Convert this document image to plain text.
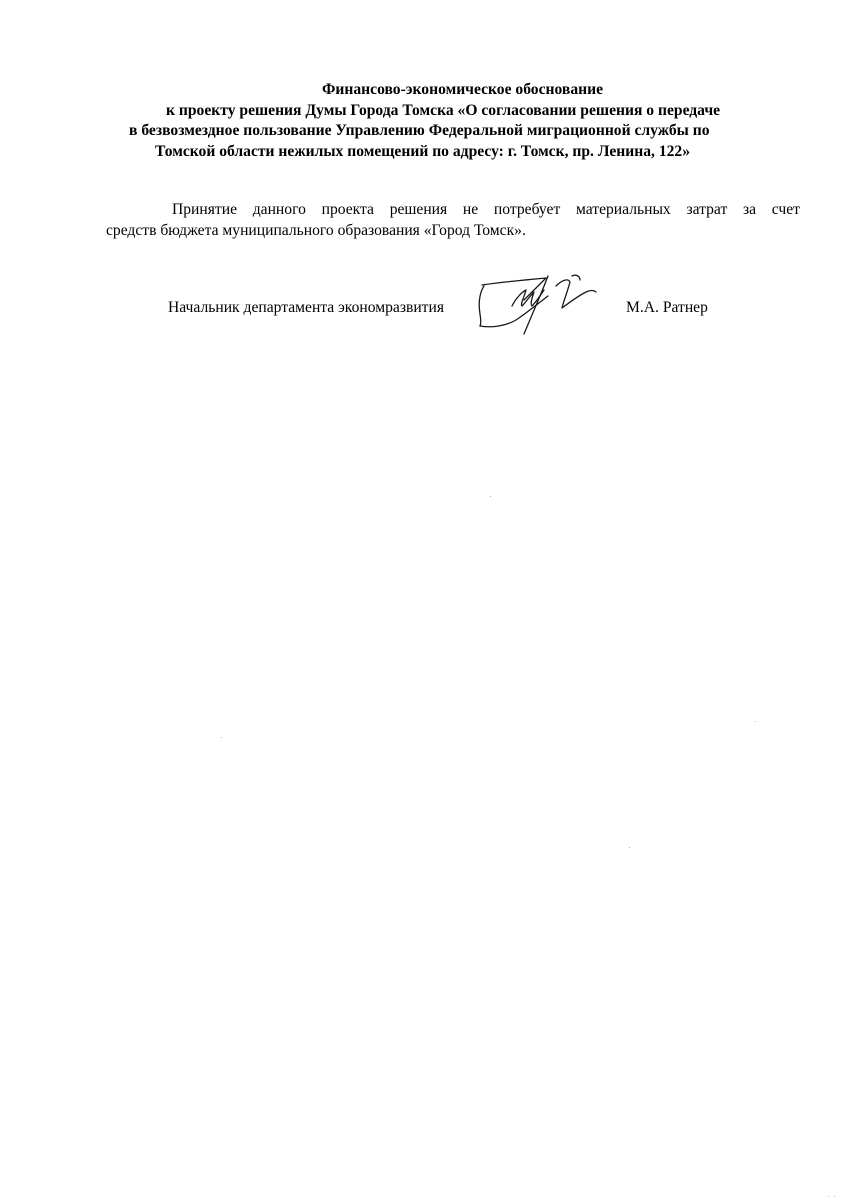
Финансово-экономическое обоснование
к проекту решения Думы Города Томска «О согласовании решения о передаче
в безвозмездное пользование Управлению Федеральной миграционной службы по
Томской области нежилых помещений по адресу: г. Томск, пр. Ленина, 122»
Принятие данного проекта решения не потребует материальных затрат за счет
средств бюджета муниципального образования «Город Томск».
Начальник департамента экономразвития	М.А. Ратнер
